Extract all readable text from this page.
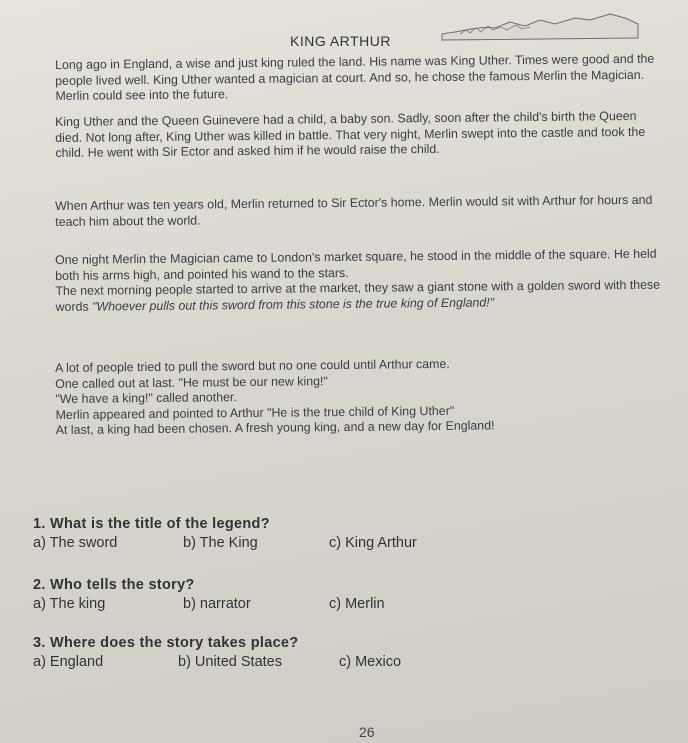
KING ARTHUR

Long ago in England, a wise and just king ruled the land. His name was King Uther. Times were good and the people lived well. King Uther wanted a magician at court. And so, he chose the famous Merlin the Magician. Merlin could see into the future.

King Uther and the Queen Guinevere had a child, a baby son. Sadly, soon after the child's birth the Queen died. Not long after, King Uther was killed in battle. That very night, Merlin swept into the castle and took the child. He went with Sir Ector and asked him if he would raise the child.

When Arthur was ten years old, Merlin returned to Sir Ector's home. Merlin would sit with Arthur for hours and teach him about the world.

One night Merlin the Magician came to London's market square, he stood in the middle of the square. He held both his arms high, and pointed his wand to the stars.

The next morning people started to arrive at the market, they saw a giant stone with a golden sword with these words "Whoever pulls out this sword from this stone is the true king of England!"

A lot of people tried to pull the sword but no one could until Arthur came.

One called out at last. "He must be our new king!"

"We have a king!" called another.

Merlin appeared and pointed to Arthur "He is the true child of King Uther"

At last, a king had been chosen. A fresh young king, and a new day for England!

1. What is the title of the legend?
a) The sword	b) The King	c) King Arthur
2. Who tells the story?
a) The king	b) narrator	c) Merlin
3. Where does the story takes place?
a) England	b) United States	c) Mexico
26
